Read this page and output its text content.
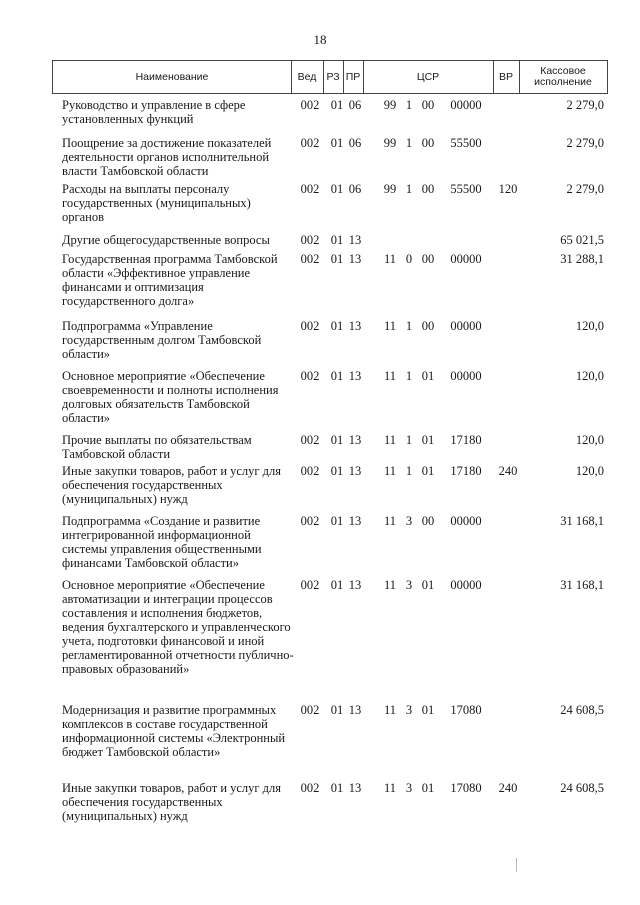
18
Наименование	Вед РЗ ПР	ЦСР	ВР	Кассовое исполнение
Руководство и управление в сфере установленных функций
002 01 06	99 1 00	00000	2 279,0
Поощрение за достижение показателей деятельности органов исполнительной власти Тамбовской области
002 01 06	99 1 00	55500	2 279,0
Расходы на выплаты персоналу государственных (муниципальных) органов
002 01 06	99 1 00	55500	120	2 279,0
Другие общегосударственные вопросы	002 01 13	65 021,5
Государственная программа Тамбовской области «Эффективное управление финансами и оптимизация государственного долга»
002 01 13	11 0 00	00000	31 288,1
Подпрограмма «Управление государственным долгом Тамбовской области»
002 01 13	11 1 00	00000	120,0
Основное мероприятие «Обеспечение своевременности и полноты исполнения долговых обязательств Тамбовской области»
002 01 13	11 1 01	00000	120,0
Прочие выплаты по обязательствам Тамбовской области
002 01 13	11 1 01	17180	120,0
Иные закупки товаров, работ и услуг для обеспечения государственных (муниципальных) нужд
002 01 13	11 1 01	17180	240	120,0
Подпрограмма «Создание и развитие интегрированной информационной системы управления общественными финансами Тамбовской области»
002 01 13	11 3 00	00000	31 168,1
Основное мероприятие «Обеспечение автоматизации и интеграции процессов составления и исполнения бюджетов, ведения бухгалтерского и управленческого учета, подготовки финансовой и иной регламентированной отчетности публично-правовых образований»
002 01 13	11 3 01	00000	31 168,1
Модернизация и развитие программных комплексов в составе государственной информационной системы «Электронный бюджет Тамбовской области»
002 01 13	11 3 01	17080	24 608,5
Иные закупки товаров, работ и услуг для обеспечения государственных (муниципальных) нужд
002 01 13	11 3 01	17080	240	24 608,5
